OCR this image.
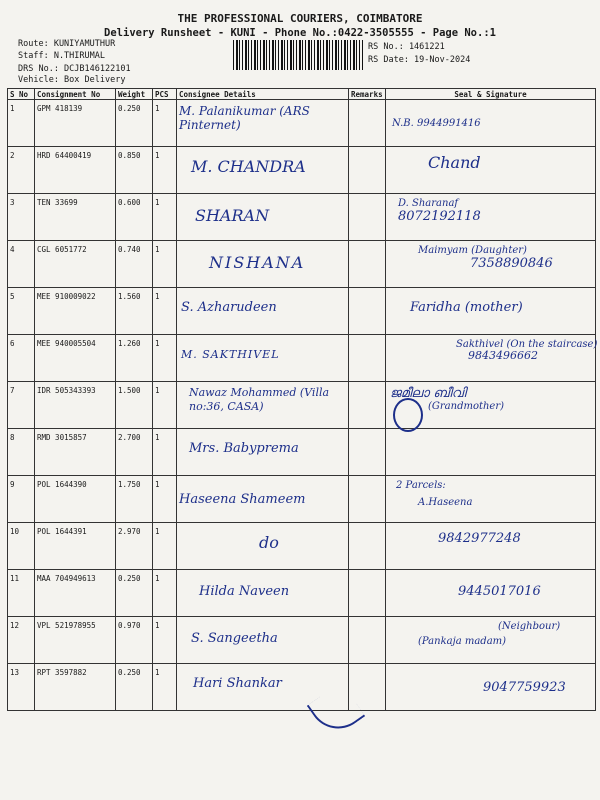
THE PROFESSIONAL COURIERS, COIMBATORE
Delivery Runsheet - KUNI - Phone No.:0422-3505555 - Page No.:1
Route: KUNIYAMUTHUR
Staff: N.THIRUMAL
DRS No.: DCJB146122101
Vehicle: Box Delivery
RS No.: 1461221
RS Date: 19-Nov-2024
S No	Consignment No	Weight	PCS	Consignee Details	Remarks	Seal & Signature
1	GPM 418139	0.250	1	M. Palanikumar (ARS Pinternet)		N.B. 9944991416

2	HRD 64400419	0.850	1	M. CHANDRA		Chand

3	TEN 33699	0.600	1	SHARAN		D. Sharanaf
8072192118

4	CGL 6051772	0.740	1	NISHANA		Maimyam (Daughter)
7358890846

5	MEE 910009022	1.560	1	S. Azharudeen		Faridha (mother)

6	MEE 940005504	1.260	1	M. SAKTHIVEL		Sakthivel (On the staircase)
9843496662

7	IDR 505343393	1.500	1	Nawaz Mohammed (Villa no:36, CASA)		ജമീലാ ബീവി
(Grandmother)

8	RMD 3015857	2.700	1	Mrs. Babyprema		

9	POL 1644390	1.750	1	Haseena Shameem		2 Parcels:
A.Haseena

10	POL 1644391	2.970	1	do		9842977248

11	MAA 704949613	0.250	1	Hilda Naveen		9445017016

12	VPL 521978955	0.970	1	S. Sangeetha		(Neighbour)
(Pankaja madam)

13	RPT 3597882	0.250	1	Hari Shankar		9047759923
